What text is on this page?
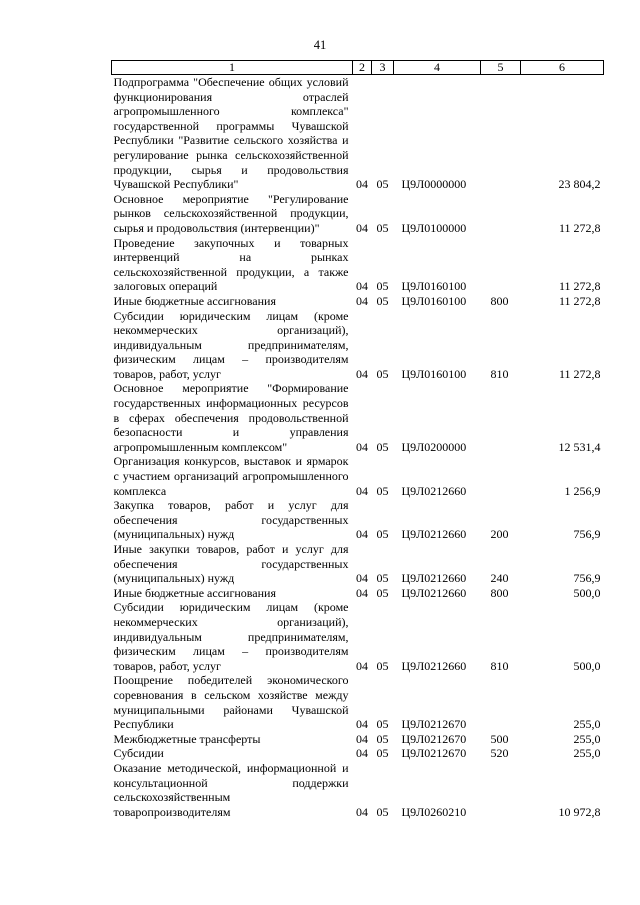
41
1	2	3	4	5	6
Подпрограмма "Обеспечение общих условий функционирования отраслей агропромышленного комплекса" государственной программы Чувашской Республики "Развитие сельского хозяйства и регулирование рынка сельскохозяйственной продукции, сырья и продовольствия Чувашской Республики"	04	05	Ц9Л0000000		23 804,2
Основное мероприятие "Регулирование рынков сельскохозяйственной продукции, сырья и продовольствия (интервенции)"	04	05	Ц9Л0100000		11 272,8
Проведение закупочных и товарных интервенций на рынках сельскохозяйственной продукции, а также залоговых операций	04	05	Ц9Л0160100		11 272,8
Иные бюджетные ассигнования	04	05	Ц9Л0160100	800	11 272,8
Субсидии юридическим лицам (кроме некоммерческих организаций), индивидуальным предпринимателям, физическим лицам – производителям товаров, работ, услуг	04	05	Ц9Л0160100	810	11 272,8
Основное мероприятие "Формирование государственных информационных ресурсов в сферах обеспечения продовольственной безопасности и управления агропромышленным комплексом"	04	05	Ц9Л0200000		12 531,4
Организация конкурсов, выставок и ярмарок с участием организаций агропромышленного комплекса	04	05	Ц9Л0212660		1 256,9
Закупка товаров, работ и услуг для обеспечения государственных (муниципальных) нужд	04	05	Ц9Л0212660	200	756,9
Иные закупки товаров, работ и услуг для обеспечения государственных (муниципальных) нужд	04	05	Ц9Л0212660	240	756,9
Иные бюджетные ассигнования	04	05	Ц9Л0212660	800	500,0
Субсидии юридическим лицам (кроме некоммерческих организаций), индивидуальным предпринимателям, физическим лицам – производителям товаров, работ, услуг	04	05	Ц9Л0212660	810	500,0
Поощрение победителей экономического соревнования в сельском хозяйстве между муниципальными районами Чувашской Республики	04	05	Ц9Л0212670		255,0
Межбюджетные трансферты	04	05	Ц9Л0212670	500	255,0
Субсидии	04	05	Ц9Л0212670	520	255,0
Оказание методической, информационной и консультационной поддержки сельскохозяйственным товаропроизводителям	04	05	Ц9Л0260210		10 972,8
